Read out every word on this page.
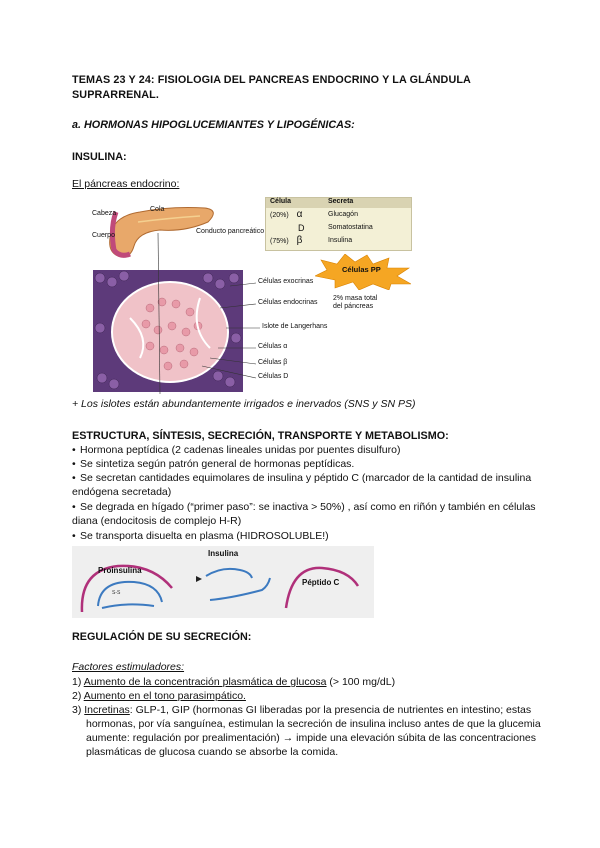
TEMAS 23 Y 24: FISIOLOGIA DEL PANCREAS ENDOCRINO Y LA GLÁNDULA SUPRARRENAL.
a. HORMONAS HIPOGLUCEMIANTES Y LIPOGÉNICAS:
INSULINA:
El páncreas endocrino:
Cabeza
Cuerpo
Cola
Conducto pancreático
Células exocrinas
Células endocrinas
2% masa total del páncreas
Islote de Langerhans
Células α
Células β
Células D
Célula	Secreta
(20%) α	Glucagón
D	Somatostatina
(75%) β	Insulina
Células PP
+ Los islotes están abundantemente irrigados e inervados (SNS y SN PS)
ESTRUCTURA, SÍNTESIS, SECRECIÓN, TRANSPORTE Y METABOLISMO:
• Hormona peptídica (2 cadenas lineales unidas por puentes disulfuro)
• Se sintetiza según patrón general de hormonas peptídicas.
• Se secretan cantidades equimolares de insulina y péptido C (marcador de la cantidad de insulina endógena secretada)
• Se degrada en hígado (“primer paso”: se inactiva > 50%) , así como en riñón y también en células diana (endocitosis de complejo H-R)
• Se transporta disuelta en plasma (HIDROSOLUBLE!)
S-S
Proinsulina
Insulina
Péptido C
REGULACIÓN DE SU SECRECIÓN:
Factores estimuladores:
1) Aumento de la concentración plasmática de glucosa (> 100 mg/dL)
2) Aumento en el tono parasimpático.
3) Incretinas: GLP-1, GIP (hormonas GI liberadas por la presencia de nutrientes en intestino; estas hormonas, por vía sanguínea, estimulan la secreción de insulina incluso antes de que la glucemia aumente: regulación por prealimentación) → impide una elevación súbita de las concentraciones plasmáticas de glucosa cuando se absorbe la comida.
